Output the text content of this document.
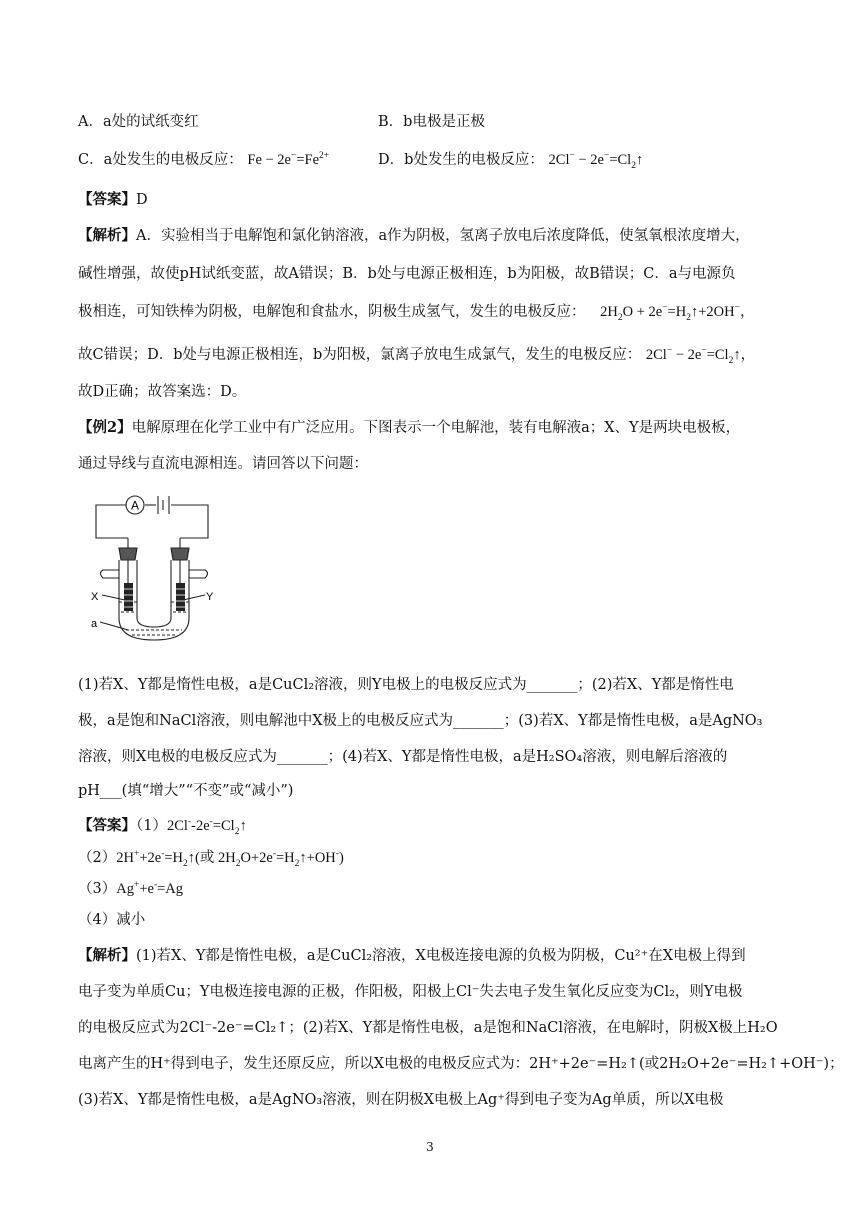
A．a处的试纸变红	B．b电极是正极
C．a处发生的电极反应： $Fe - 2e^-=Fe^{2+}$	D．b处发生的电极反应： $2Cl^- - 2e^-=Cl_2↑$
【答案】D
【解析】A．实验相当于电解饱和氯化钠溶液，a作为阴极，氢离子放电后浓度降低，使氢氧根浓度增大，
碱性增强，故使pH试纸变蓝，故A错误；B．b处与电源正极相连，b为阳极，故B错误；C．a与电源负
极相连，可知铁棒为阴极，电解饱和食盐水，阴极生成氢气，发生的电极反应： $2H_2O$ + $2e^-=H_2↑+2OH^-$，
故C错误；D．b处与电源正极相连，b为阳极，氯离子放电生成氯气，发生的电极反应： $2Cl^- - 2e^-=Cl_2↑$，
故D正确；故答案选：D。
【例2】电解原理在化学工业中有广泛应用。下图表示一个电解池，装有电解液a；X、Y是两块电极板，
通过导线与直流电源相连。请回答以下问题：
A
X	Y
a
(1)若X、Y都是惰性电极，a是CuCl₂溶液，则Y电极上的电极反应式为_______；(2)若X、Y都是惰性电
极，a是饱和NaCl溶液，则电解池中X极上的电极反应式为_______；(3)若X、Y都是惰性电极，a是AgNO₃
溶液，则X电极的电极反应式为_______；(4)若X、Y都是惰性电极，a是H₂SO₄溶液，则电解后溶液的
pH___(填“增大”“不变”或“减小”)
【答案】$(1)2Cl^--2e^-=Cl_2↑$
$(2)2H^++2e^-=H_2↑$(或 $2H_2O+2e^-=H_2↑+OH^-$)
（3）Ag++e-=Ag
（4）减小
【解析】(1)若X、Y都是惰性电极，a是CuCl₂溶液，X电极连接电源的负极为阴极，Cu²⁺在X电极上得到
电子变为单质Cu；Y电极连接电源的正极，作阳极，阳极上Cl⁻失去电子发生氧化反应变为Cl₂，则Y电极
的电极反应式为2Cl⁻-2e⁻=Cl₂↑；(2)若X、Y都是惰性电极，a是饱和NaCl溶液，在电解时，阴极X极上H₂O
电离产生的H⁺得到电子，发生还原反应，所以X电极的电极反应式为：2H⁺+2e⁻=H₂↑(或2H₂O+2e⁻=H₂↑+OH⁻)；
(3)若X、Y都是惰性电极，a是AgNO₃溶液，则在阴极X电极上Ag⁺得到电子变为Ag单质，所以X电极
3
